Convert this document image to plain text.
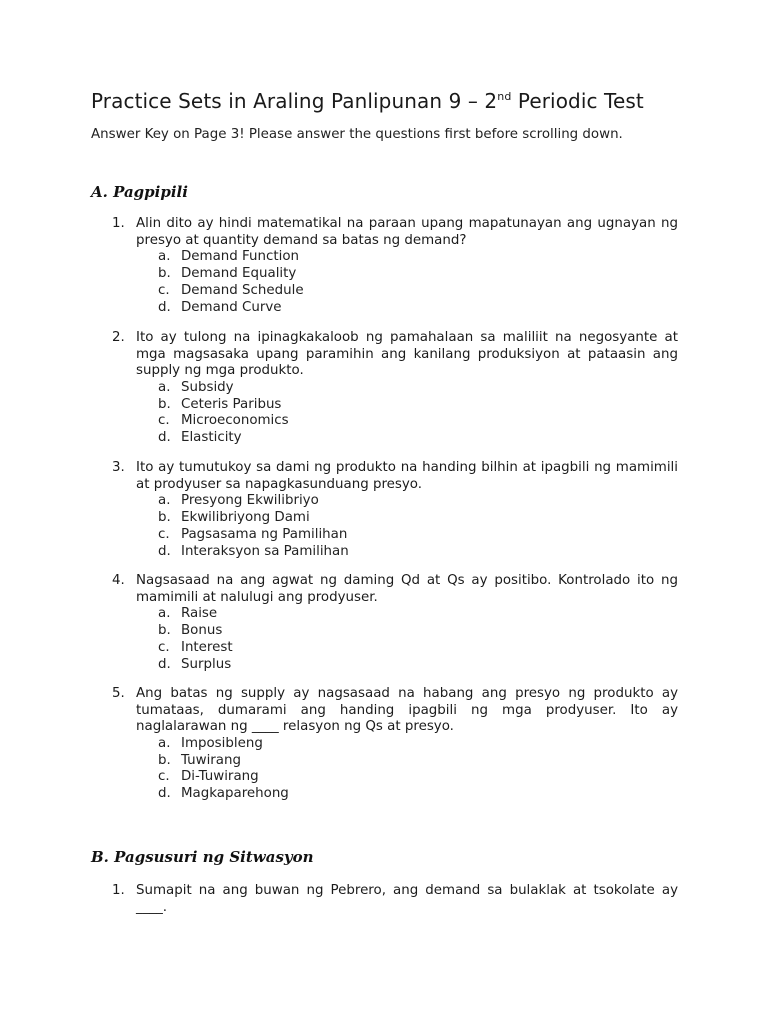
Practice Sets in Araling Panlipunan 9 – 2nd Periodic Test
Answer Key on Page 3! Please answer the questions first before scrolling down.
A. Pagpipili
1. Alin dito ay hindi matematikal na paraan upang mapatunayan ang ugnayan ng presyo at quantity demand sa batas ng demand?
a. Demand Function
b. Demand Equality
c. Demand Schedule
d. Demand Curve
2. Ito ay tulong na ipinagkakaloob ng pamahalaan sa maliliit na negosyante at mga magsasaka upang paramihin ang kanilang produksiyon at pataasin ang supply ng mga produkto.
a. Subsidy
b. Ceteris Paribus
c. Microeconomics
d. Elasticity
3. Ito ay tumutukoy sa dami ng produkto na handing bilhin at ipagbili ng mamimili at prodyuser sa napagkasunduang presyo.
a. Presyong Ekwilibriyo
b. Ekwilibriyong Dami
c. Pagsasama ng Pamilihan
d. Interaksyon sa Pamilihan
4. Nagsasaad na ang agwat ng daming Qd at Qs ay positibo. Kontrolado ito ng mamimili at nalulugi ang prodyuser.
a. Raise
b. Bonus
c. Interest
d. Surplus
5. Ang batas ng supply ay nagsasaad na habang ang presyo ng produkto ay tumataas, dumarami ang handing ipagbili ng mga prodyuser. Ito ay naglalarawan ng ____ relasyon ng Qs at presyo.
a. Imposibleng
b. Tuwirang
c. Di-Tuwirang
d. Magkaparehong
B. Pagsusuri ng Sitwasyon
1. Sumapit na ang buwan ng Pebrero, ang demand sa bulaklak at tsokolate ay ____.
